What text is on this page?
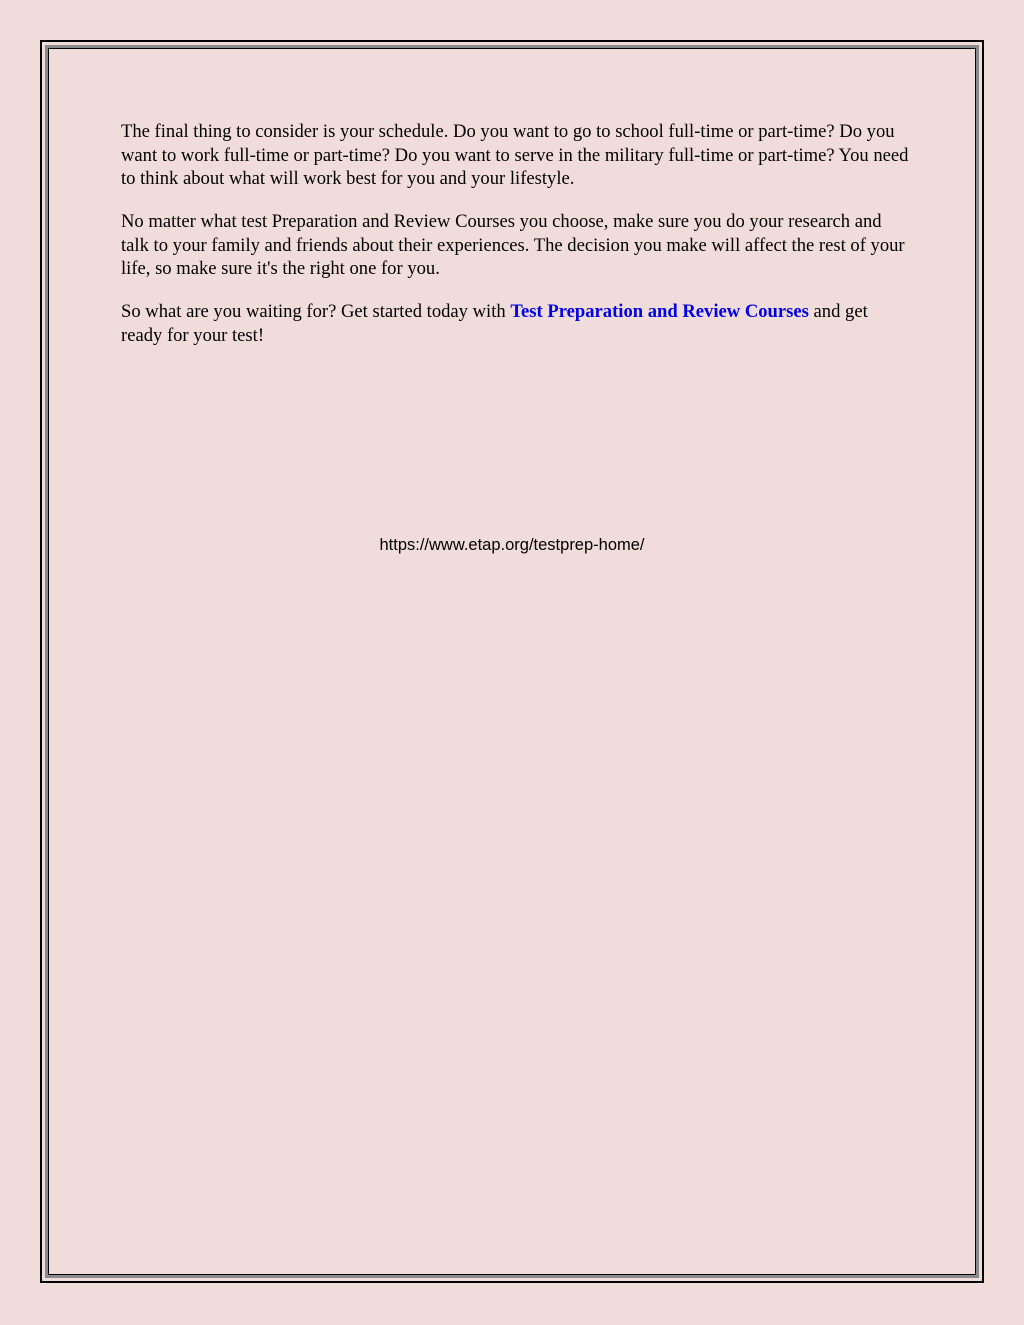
The final thing to consider is your schedule. Do you want to go to school full-time or part-time? Do you want to work full-time or part-time? Do you want to serve in the military full-time or part-time? You need to think about what will work best for you and your lifestyle.

No matter what test Preparation and Review Courses you choose, make sure you do your research and talk to your family and friends about their experiences. The decision you make will affect the rest of your life, so make sure it's the right one for you.

So what are you waiting for? Get started today with Test Preparation and Review Courses and get ready for your test!

https://www.etap.org/testprep-home/
